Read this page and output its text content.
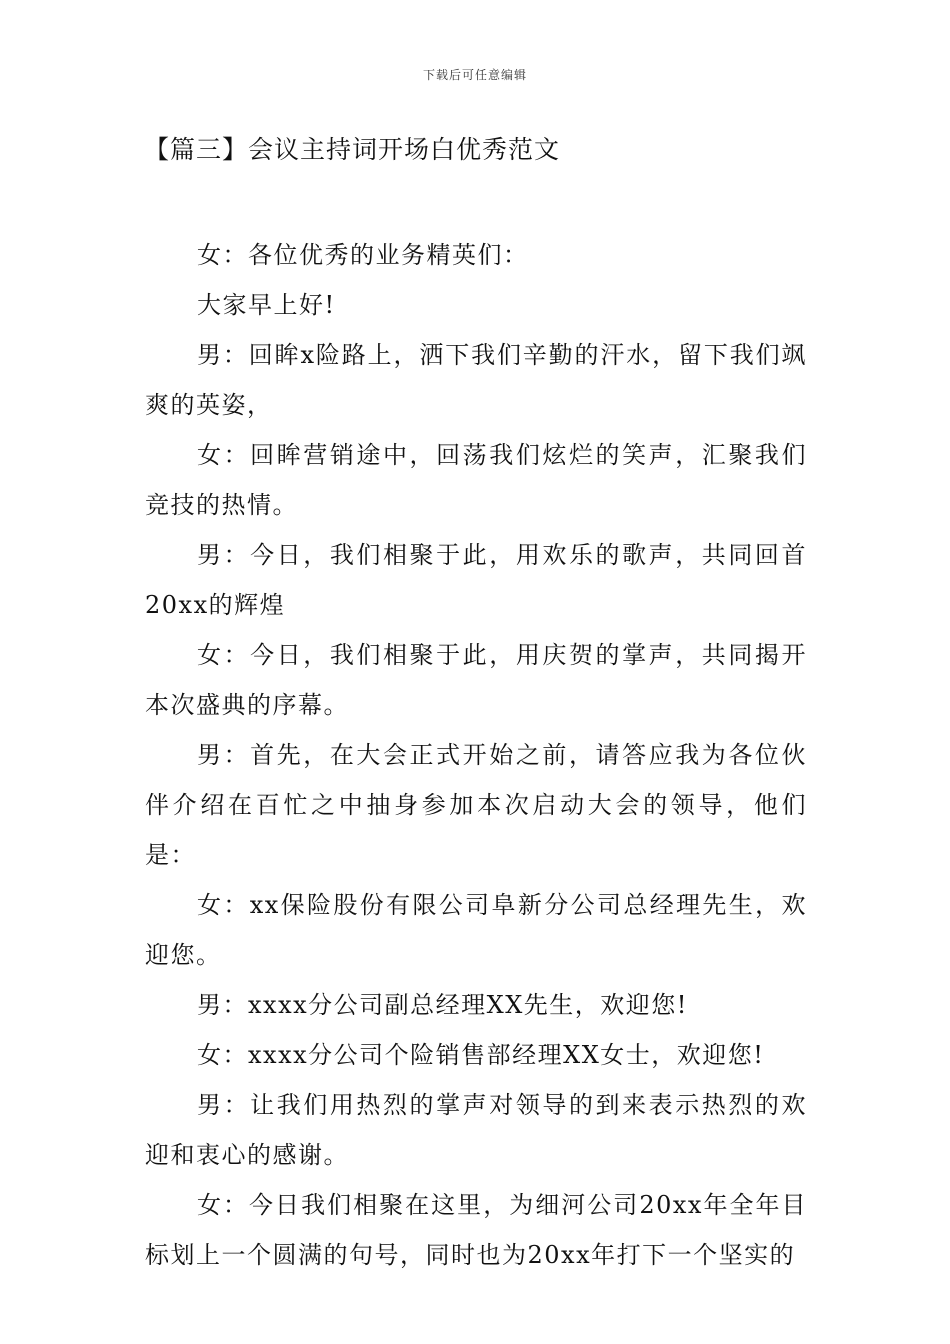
下载后可任意编辑
【篇三】会议主持词开场白优秀范文

女：各位优秀的业务精英们：

大家早上好!

男：回眸x险路上，洒下我们辛勤的汗水，留下我们飒爽的英姿，

女：回眸营销途中，回荡我们炫烂的笑声，汇聚我们竞技的热情。

男：今日，我们相聚于此，用欢乐的歌声，共同回首20xx的辉煌

女：今日，我们相聚于此，用庆贺的掌声，共同揭开本次盛典的序幕。

男：首先，在大会正式开始之前，请答应我为各位伙伴介绍在百忙之中抽身参加本次启动大会的领导，他们是：

女：xx保险股份有限公司阜新分公司总经理先生，欢迎您。

男：xxxx分公司副总经理XX先生，欢迎您!

女：xxxx分公司个险销售部经理XX女士，欢迎您!

男：让我们用热烈的掌声对领导的到来表示热烈的欢迎和衷心的感谢。

女：今日我们相聚在这里，为细河公司20xx年全年目标划上一个圆满的句号，同时也为20xx年打下一个坚实的
